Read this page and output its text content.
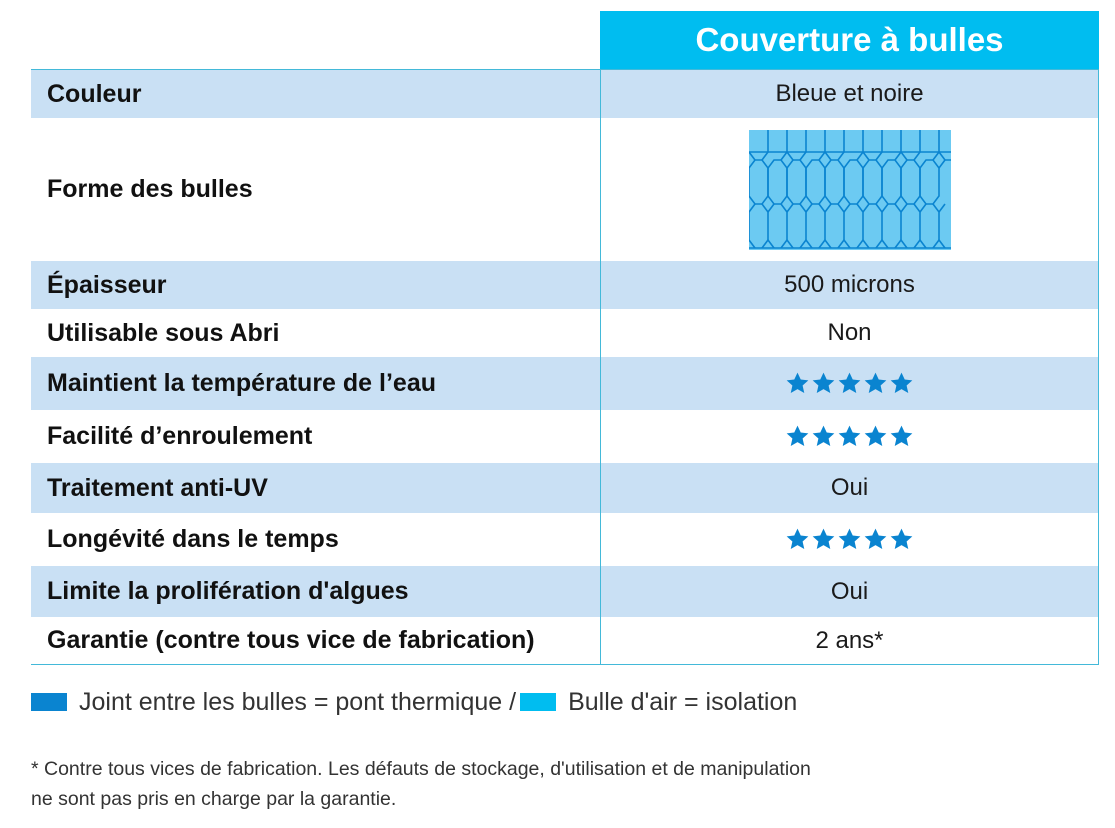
Couverture à bulles
Couleur	Bleue et noire
Forme des bulles
Épaisseur	500 microns
Utilisable sous Abri	Non
Maintient la température de l’eau
Facilité d’enroulement
Traitement anti-UV	Oui
Longévité dans le temps
Limite la prolifération d'algues	Oui
Garantie (contre tous vice de fabrication)	2 ans*
Joint entre les bulles = pont thermique / Bulle d'air = isolation
* Contre tous vices de fabrication. Les défauts de stockage, d'utilisation et de manipulation
ne sont pas pris en charge par la garantie.
